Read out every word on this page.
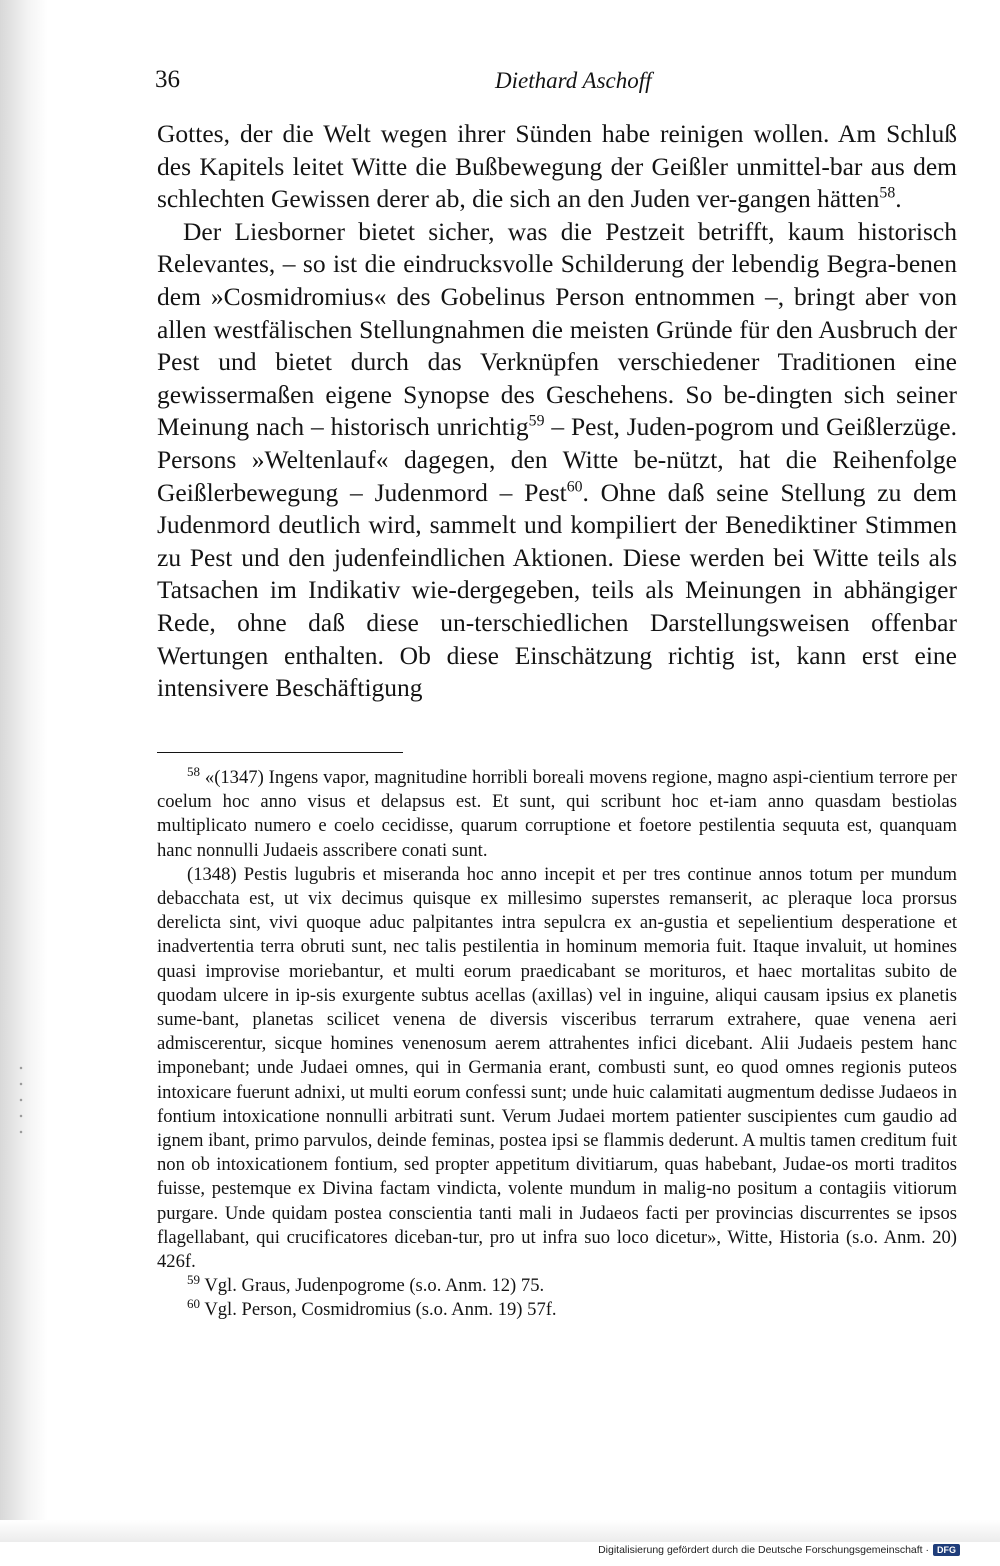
36	Diethard Aschoff

Gottes, der die Welt wegen ihrer Sünden habe reinigen wollen. Am Schluß des Kapitels leitet Witte die Bußbewegung der Geißler unmittel-bar aus dem schlechten Gewissen derer ab, die sich an den Juden ver-gangen hätten$^{58}$.

Der Liesborner bietet sicher, was die Pestzeit betrifft, kaum historisch Relevantes, – so ist die eindrucksvolle Schilderung der lebendig Begra-benen dem »Cosmidromius« des Gobelinus Person entnommen –, bringt aber von allen westfälischen Stellungnahmen die meisten Gründe für den Ausbruch der Pest und bietet durch das Verknüpfen verschiedener Traditionen eine gewissermaßen eigene Synopse des Geschehens. So be-dingten sich seiner Meinung nach – historisch unrichtig$^{59}$ – Pest, Juden-pogrom und Geißlerzüge. Persons »Weltenlauf« dagegen, den Witte be-nützt, hat die Reihenfolge Geißlerbewegung – Judenmord – Pest$^{60}$. Ohne daß seine Stellung zu dem Judenmord deutlich wird, sammelt und kompiliert der Benediktiner Stimmen zu Pest und den judenfeindlichen Aktionen. Diese werden bei Witte teils als Tatsachen im Indikativ wie-dergegeben, teils als Meinungen in abhängiger Rede, ohne daß diese un-terschiedlichen Darstellungsweisen offenbar Wertungen enthalten. Ob diese Einschätzung richtig ist, kann erst eine intensivere Beschäftigung

$^{58}$ «(1347) Ingens vapor, magnitudine horribli boreali movens regione, magno aspi-cientium terrore per coelum hoc anno visus et delapsus est. Et sunt, qui scribunt hoc et-iam anno quasdam bestiolas multiplicato numero e coelo cecidisse, quarum corruptione et foetore pestilentia sequuta est, quanquam hanc nonnulli Judaeis asscribere conati sunt.

(1348) Pestis lugubris et miseranda hoc anno incepit et per tres continue annos totum per mundum debacchata est, ut vix decimus quisque ex millesimo superstes remanserit, ac pleraque loca prorsus derelicta sint, vivi quoque aduc palpitantes intra sepulcra ex an-gustia et sepelientium desperatione et inadvertentia terra obruti sunt, nec talis pestilentia in hominum memoria fuit. Itaque invaluit, ut homines quasi improvise moriebantur, et multi eorum praedicabant se morituros, et haec mortalitas subito de quodam ulcere in ip-sis exurgente subtus acellas (axillas) vel in inguine, aliqui causam ipsius ex planetis sume-bant, planetas scilicet venena de diversis visceribus terrarum extrahere, quae venena aeri admiscerentur, sicque homines venenosum aerem attrahentes infici dicebant. Alii Judaeis pestem hanc imponebant; unde Judaei omnes, qui in Germania erant, combusti sunt, eo quod omnes regionis puteos intoxicare fuerunt adnixi, ut multi eorum confessi sunt; unde huic calamitati augmentum dedisse Judaeos in fontium intoxicatione nonnulli arbitrati sunt. Verum Judaei mortem patienter suscipientes cum gaudio ad ignem ibant, primo parvulos, deinde feminas, postea ipsi se flammis dederunt. A multis tamen creditum fuit non ob intoxicationem fontium, sed propter appetitum divitiarum, quas habebant, Judae-os morti traditos fuisse, pestemque ex Divina factam vindicta, volente mundum in malig-no positum a contagiis vitiorum purgare. Unde quidam postea conscientia tanti mali in Judaeos facti per provincias discurrentes se ipsos flagellabant, qui crucificatores diceban-tur, pro ut infra suo loco dicetur», Witte, Historia (s.o. Anm. 20) 426f.

$^{59}$ Vgl. Graus, Judenpogrome (s.o. Anm. 12) 75.

$^{60}$ Vgl. Person, Cosmidromius (s.o. Anm. 19) 57f.

Digitalisierung gefördert durch die Deutsche Forschungsgemeinschaft · DFG
